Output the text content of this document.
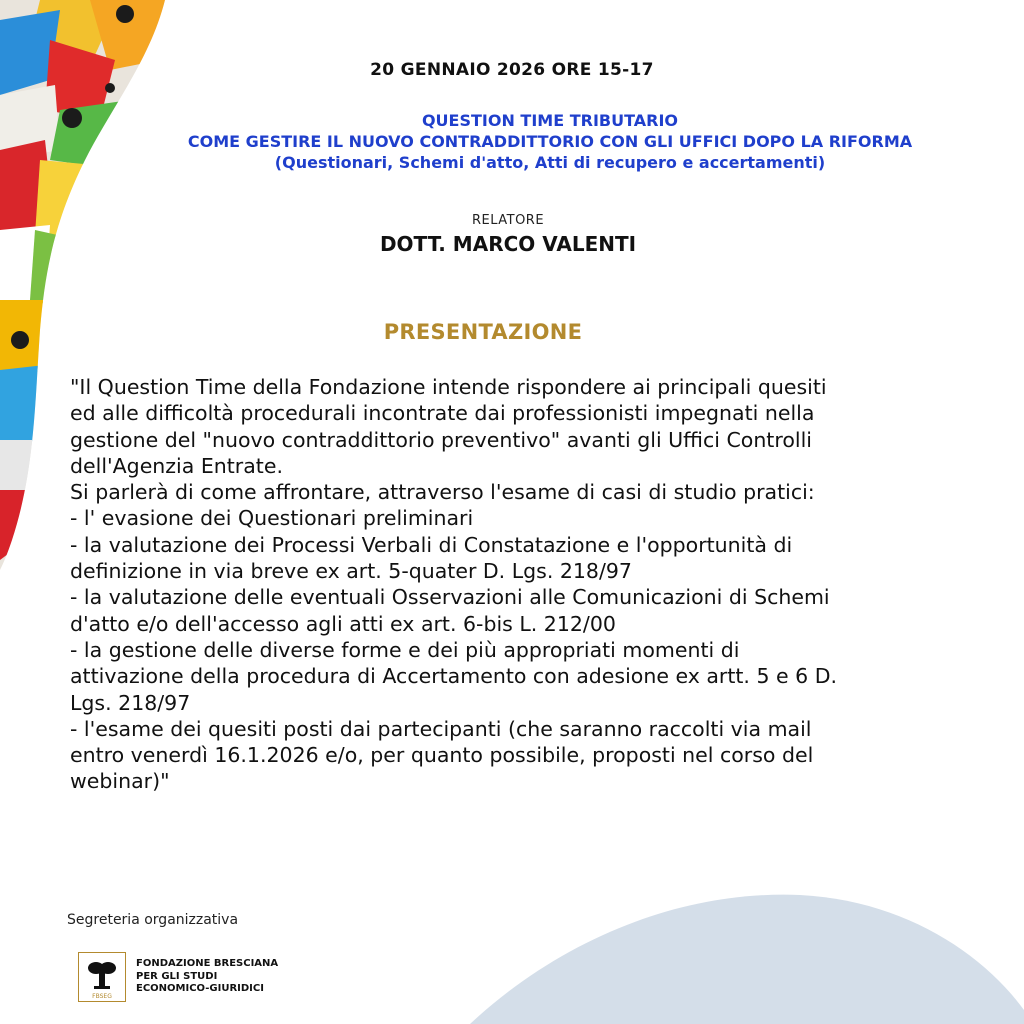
20 GENNAIO 2026 ORE 15-17
QUESTION TIME TRIBUTARIO
COME GESTIRE IL NUOVO CONTRADDITTORIO CON GLI UFFICI DOPO LA RIFORMA
(Questionari, Schemi d'atto, Atti di recupero e accertamenti)
RELATORE
DOTT. MARCO VALENTI
PRESENTAZIONE
"Il Question Time della Fondazione intende rispondere ai principali quesiti
ed alle difficoltà procedurali incontrate dai professionisti impegnati nella
gestione del "nuovo contraddittorio preventivo" avanti gli Uffici Controlli
dell'Agenzia Entrate.
Si parlerà di come affrontare, attraverso l'esame di casi di studio pratici:
- l' evasione dei Questionari preliminari
- la valutazione dei Processi Verbali di Constatazione e l'opportunità di
definizione in via breve ex art. 5-quater D. Lgs. 218/97
- la valutazione delle eventuali Osservazioni alle Comunicazioni di Schemi
d'atto e/o dell'accesso agli atti ex art. 6-bis L. 212/00
- la gestione delle diverse forme e dei più appropriati momenti di
attivazione della procedura di Accertamento con adesione ex artt. 5 e 6 D.
Lgs. 218/97
- l'esame dei quesiti posti dai partecipanti (che saranno raccolti via mail
entro venerdì 16.1.2026 e/o, per quanto possibile, proposti nel corso del
webinar)"
Segreteria organizzativa
FBSEG
FONDAZIONE BRESCIANA
PER GLI STUDI
ECONOMICO-GIURIDICI
